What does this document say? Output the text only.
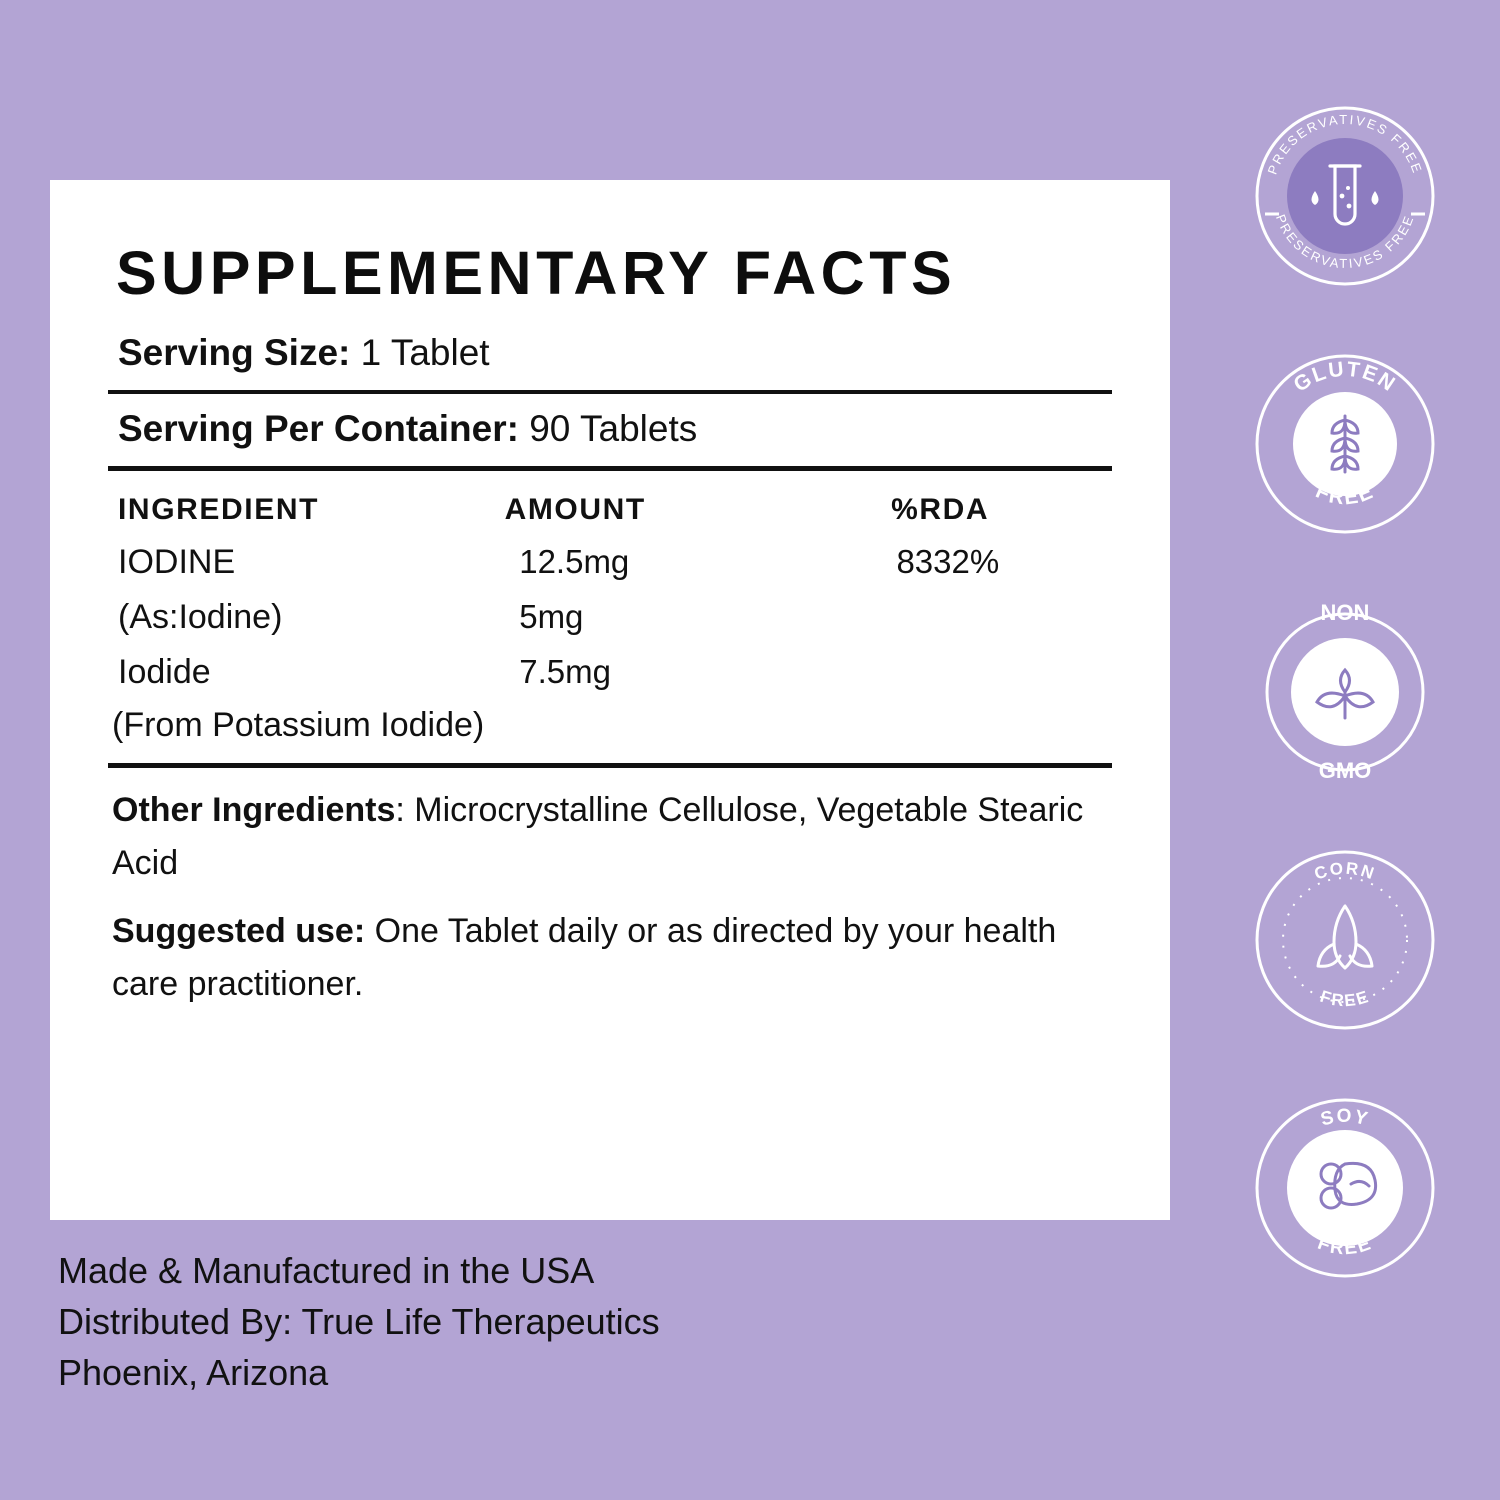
SUPPLEMENTARY FACTS
Serving Size: 1 Tablet
Serving Per Container: 90 Tablets
INGREDIENT	AMOUNT	%RDA
IODINE	12.5mg	8332%
(As:Iodine)	5mg
Iodide	7.5mg
(From Potassium Iodide)
Other Ingredients: Microcrystalline Cellulose, Vegetable Stearic Acid
Suggested use: One Tablet daily or as directed by your health care practitioner.
Made & Manufactured in the USA
Distributed By: True Life Therapeutics
Phoenix, Arizona
PRESERVATIVES FREE
PRESERVATIVES FREE
GLUTEN
FREE
NON
GMO
CORN
FREE
SOY
FREE
